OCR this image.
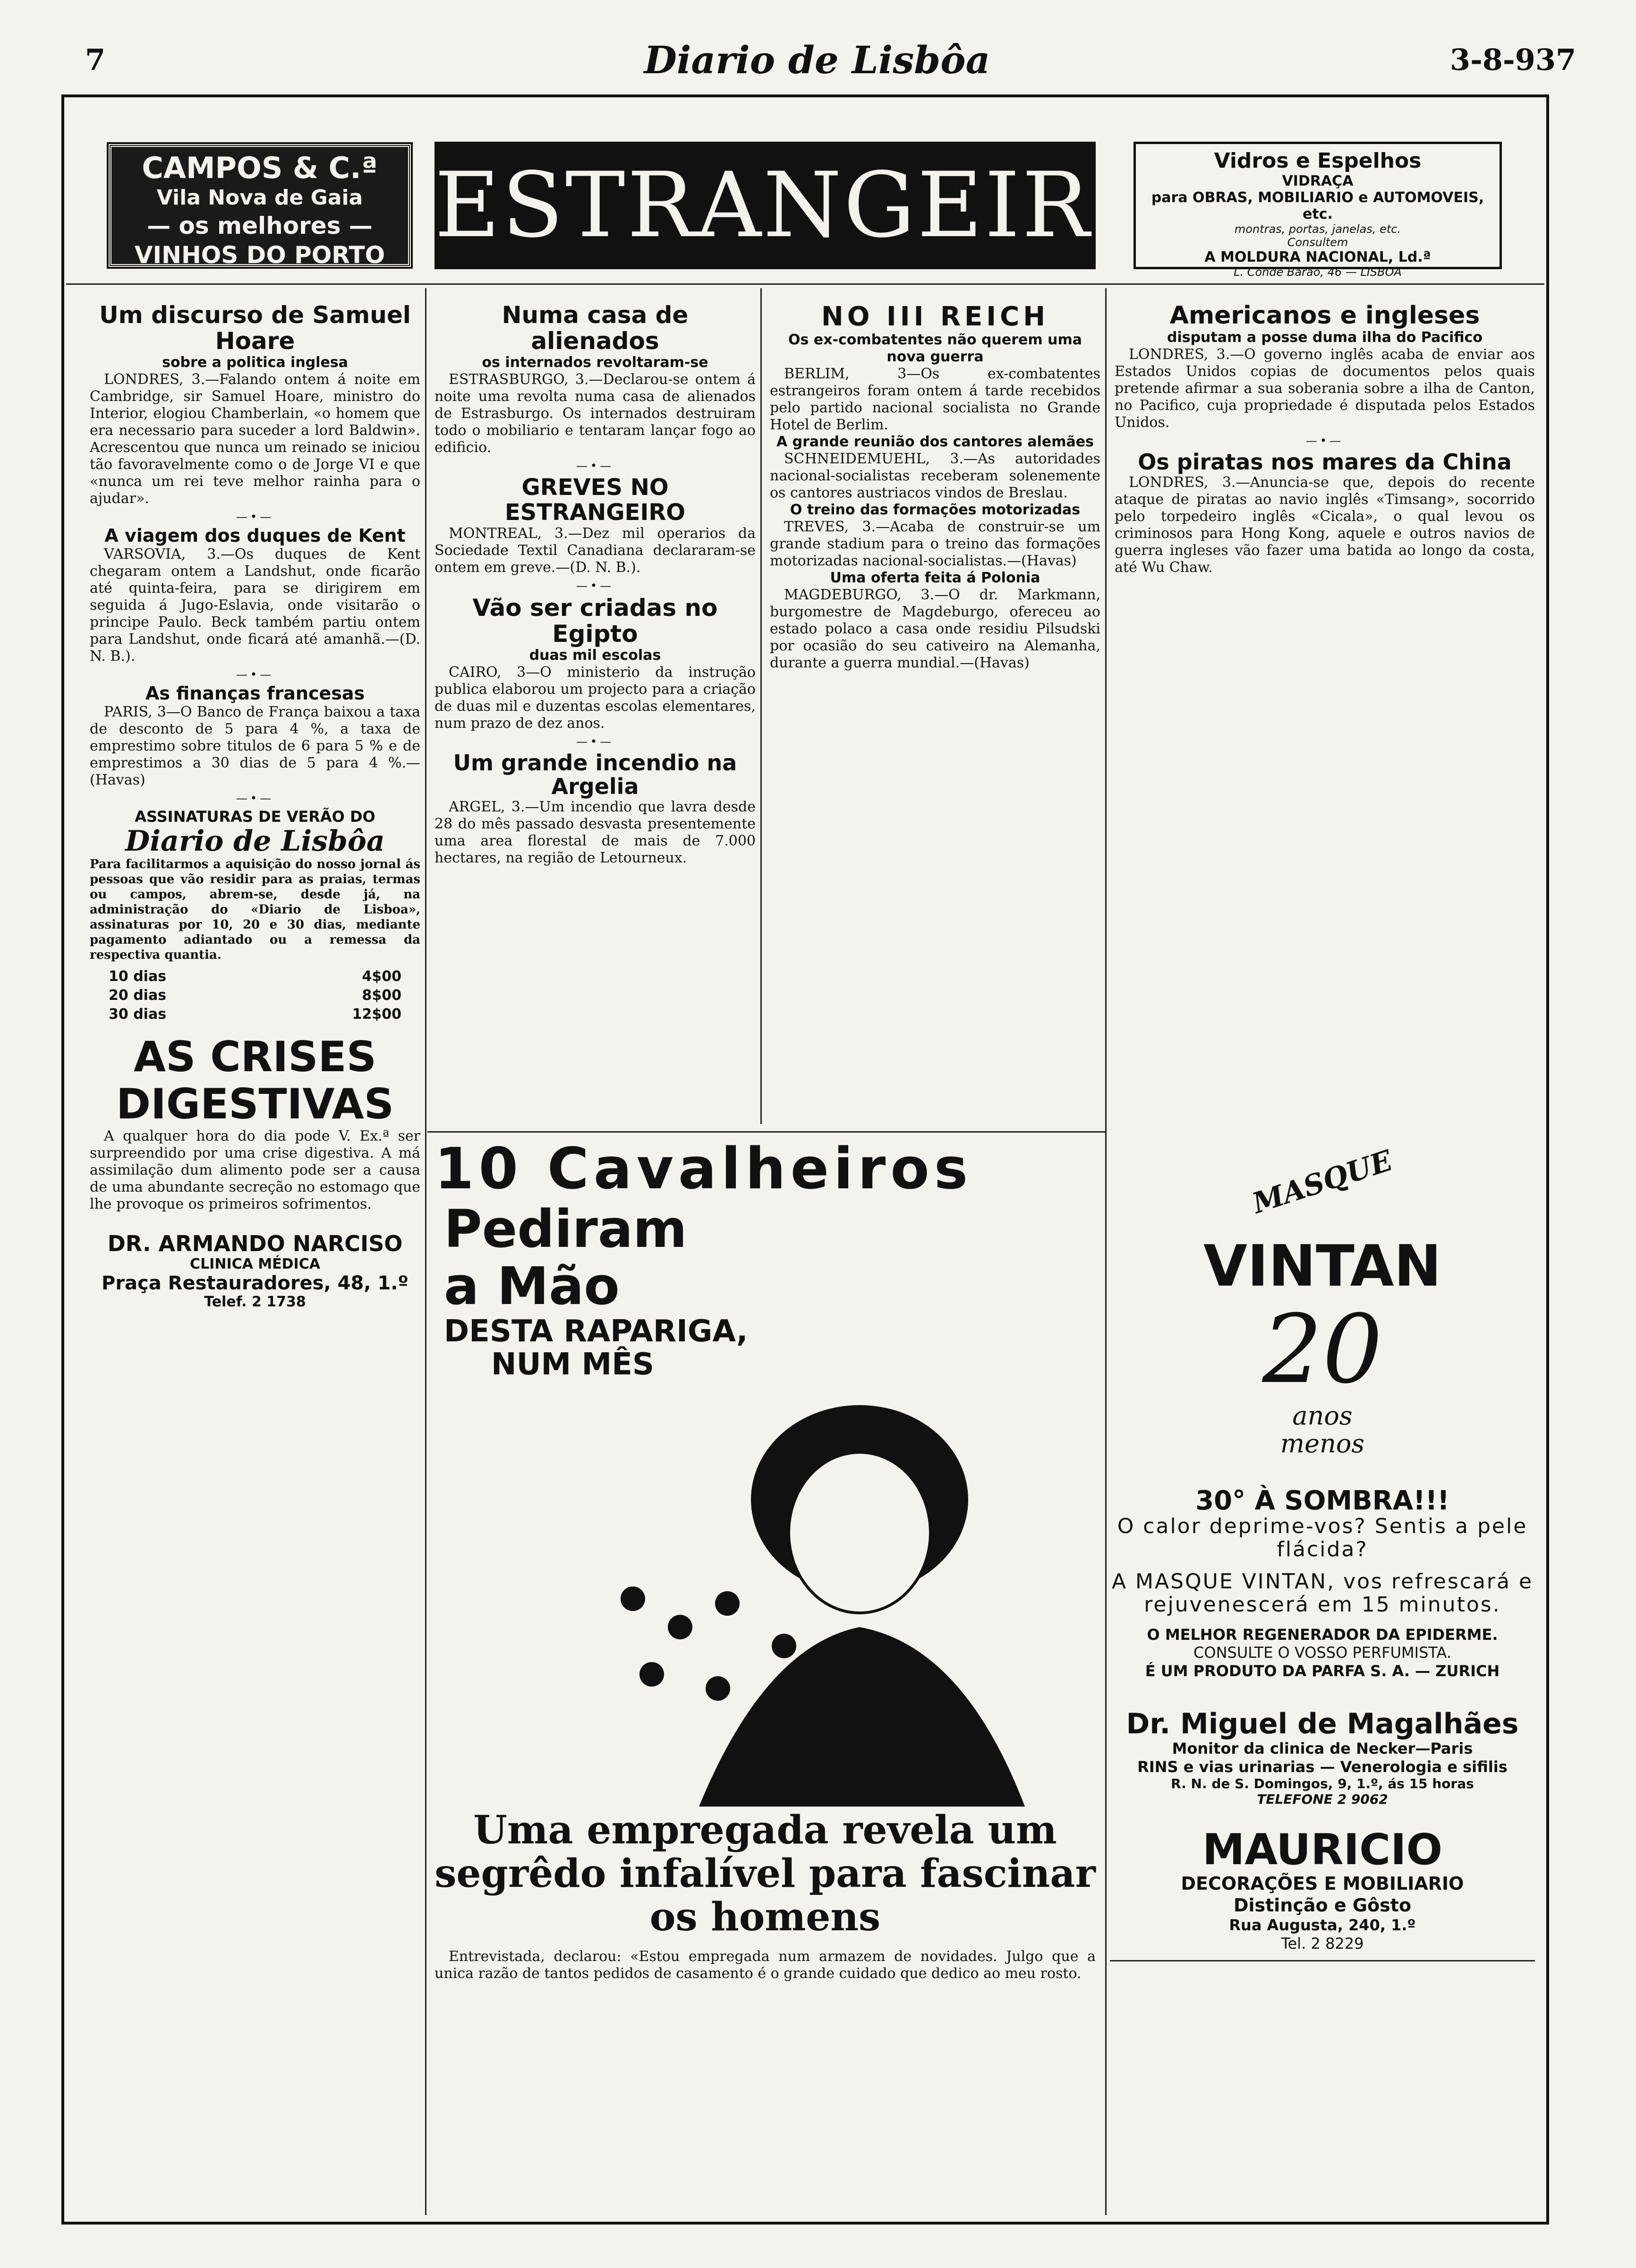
7	Diario de Lisbôa	3-8-937
CAMPOS & C.ª
Vila Nova de Gaia
— os melhores —
VINHOS DO PORTO ESTRANGEIRO	Vidros e Espelhos
VIDRAÇA
para OBRAS, MOBILIARIO e AUTOMOVEIS, etc.
montras, portas, janelas, etc.
Consultem
A MOLDURA NACIONAL, Ld.ª
L. Conde Barão, 46 — LISBOA
Um discurso de Samuel Hoare
sobre a politica inglesa

LONDRES, 3.—Falando ontem á noite em Cambridge, sir Samuel Hoare, ministro do Interior, elogiou Chamberlain, «o homem que era necessario para suceder a lord Baldwin». Acrescentou que nunca um reinado se iniciou tão favoravelmente como o de Jorge VI e que «nunca um rei teve melhor rainha para o ajudar».

—•—
A viagem dos duques de Kent

VARSOVIA, 3.—Os duques de Kent chegaram ontem a Landshut, onde ficarão até quinta-feira, para se dirigirem em seguida á Jugo-Eslavia, onde visitarão o principe Paulo. Beck também partiu ontem para Landshut, onde ficará até amanhã.—(D. N. B.).

—•—
As finanças francesas

PARIS, 3—O Banco de França baixou a taxa de desconto de 5 para 4 %, a taxa de emprestimo sobre titulos de 6 para 5 % e de emprestimos a 30 dias de 5 para 4 %.—(Havas)

—•—
ASSINATURAS DE VERÃO DO
Diario de Lisbôa
Para facilitarmos a aquisição do nosso jornal ás pessoas que vão residir para as praias, termas ou campos, abrem-se, desde já, na administração do «Diario de Lisboa», assinaturas por 10, 20 e 30 dias, mediante pagamento adiantado ou a remessa da respectiva quantia.
10 dias	4$00
20 dias	8$00
30 dias	12$00
AS CRISES
DIGESTIVAS

A qualquer hora do dia pode V. Ex.ª ser surpreendido por uma crise digestiva. A má assimilação dum alimento pode ser a causa de uma abundante secreção no estomago que lhe provoque os primeiros sofrimentos.

DR. ARMANDO NARCISO
CLINICA MÉDICA
Praça Restauradores, 48, 1.º
Telef. 2 1738
Numa casa de alienados
os internados revoltaram-se

ESTRASBURGO, 3.—Declarou-se ontem á noite uma revolta numa casa de alienados de Estrasburgo. Os internados destruiram todo o mobiliario e tentaram lançar fogo ao edificio.

—•—
GREVES NO ESTRANGEIRO

MONTREAL, 3.—Dez mil operarios da Sociedade Textil Canadiana declararam-se ontem em greve.—(D. N. B.).

—•—
Vão ser criadas no Egipto
duas mil escolas

CAIRO, 3—O ministerio da instrução publica elaborou um projecto para a criação de duas mil e duzentas escolas elementares, num prazo de dez anos.

—•—
Um grande incendio na Argelia

ARGEL, 3.—Um incendio que lavra desde 28 do mês passado desvasta presentemente uma area florestal de mais de 7.000 hectares, na região de Letourneux.

NO III REICH
Os ex-combatentes não querem uma nova guerra

BERLIM, 3—Os ex-combatentes estrangeiros foram ontem á tarde recebidos pelo partido nacional socialista no Grande Hotel de Berlim.

A grande reunião dos cantores alemães

SCHNEIDEMUEHL, 3.—As autoridades nacional-socialistas receberam solenemente os cantores austriacos vindos de Breslau.

O treino das formações motorizadas

TREVES, 3.—Acaba de construir-se um grande stadium para o treino das formações motorizadas nacional-socialistas.—(Havas)

Uma oferta feita á Polonia

MAGDEBURGO, 3.—O dr. Markmann, burgomestre de Magdeburgo, ofereceu ao estado polaco a casa onde residiu Pilsudski por ocasião do seu cativeiro na Alemanha, durante a guerra mundial.—(Havas)

Americanos e ingleses
disputam a posse duma ilha do Pacifico

LONDRES, 3.—O governo inglês acaba de enviar aos Estados Unidos copias de documentos pelos quais pretende afirmar a sua soberania sobre a ilha de Canton, no Pacifico, cuja propriedade é disputada pelos Estados Unidos.

—•—
Os piratas nos mares da China

LONDRES, 3.—Anuncia-se que, depois do recente ataque de piratas ao navio inglês «Timsang», socorrido pelo torpedeiro inglês «Cicala», o qual levou os criminosos para Hong Kong, aquele e outros navios de guerra ingleses vão fazer uma batida ao longo da costa, até Wu Chaw.

10 Cavalheiros
Pediram
a Mão
DESTA RAPARIGA,
NUM MÊS
Uma empregada revela um segrêdo infalível para fascinar os homens

Entrevistada, declarou: «Estou empregada num armazem de novidades. Julgo que a unica razão de tantos pedidos de casamento é o grande cuidado que dedico ao meu rosto.

MASQUE
VINTAN
20
anos
menos
30° À SOMBRA!!!
O calor deprime-vos? Sentis a pele flácida?
A MASQUE VINTAN, vos refrescará e rejuvenescerá em 15 minutos.
O MELHOR REGENERADOR DA EPIDERME.
CONSULTE O VOSSO PERFUMISTA.
É UM PRODUTO DA PARFA S. A. — ZURICH
Dr. Miguel de Magalhães
Monitor da clinica de Necker—Paris
RINS e vias urinarias — Venerologia e sifilis
R. N. de S. Domingos, 9, 1.º, ás 15 horas
TELEFONE 2 9062
MAURICIO
DECORAÇÕES E MOBILIARIO
Distinção e Gôsto
Rua Augusta, 240, 1.º
Tel. 2 8229
